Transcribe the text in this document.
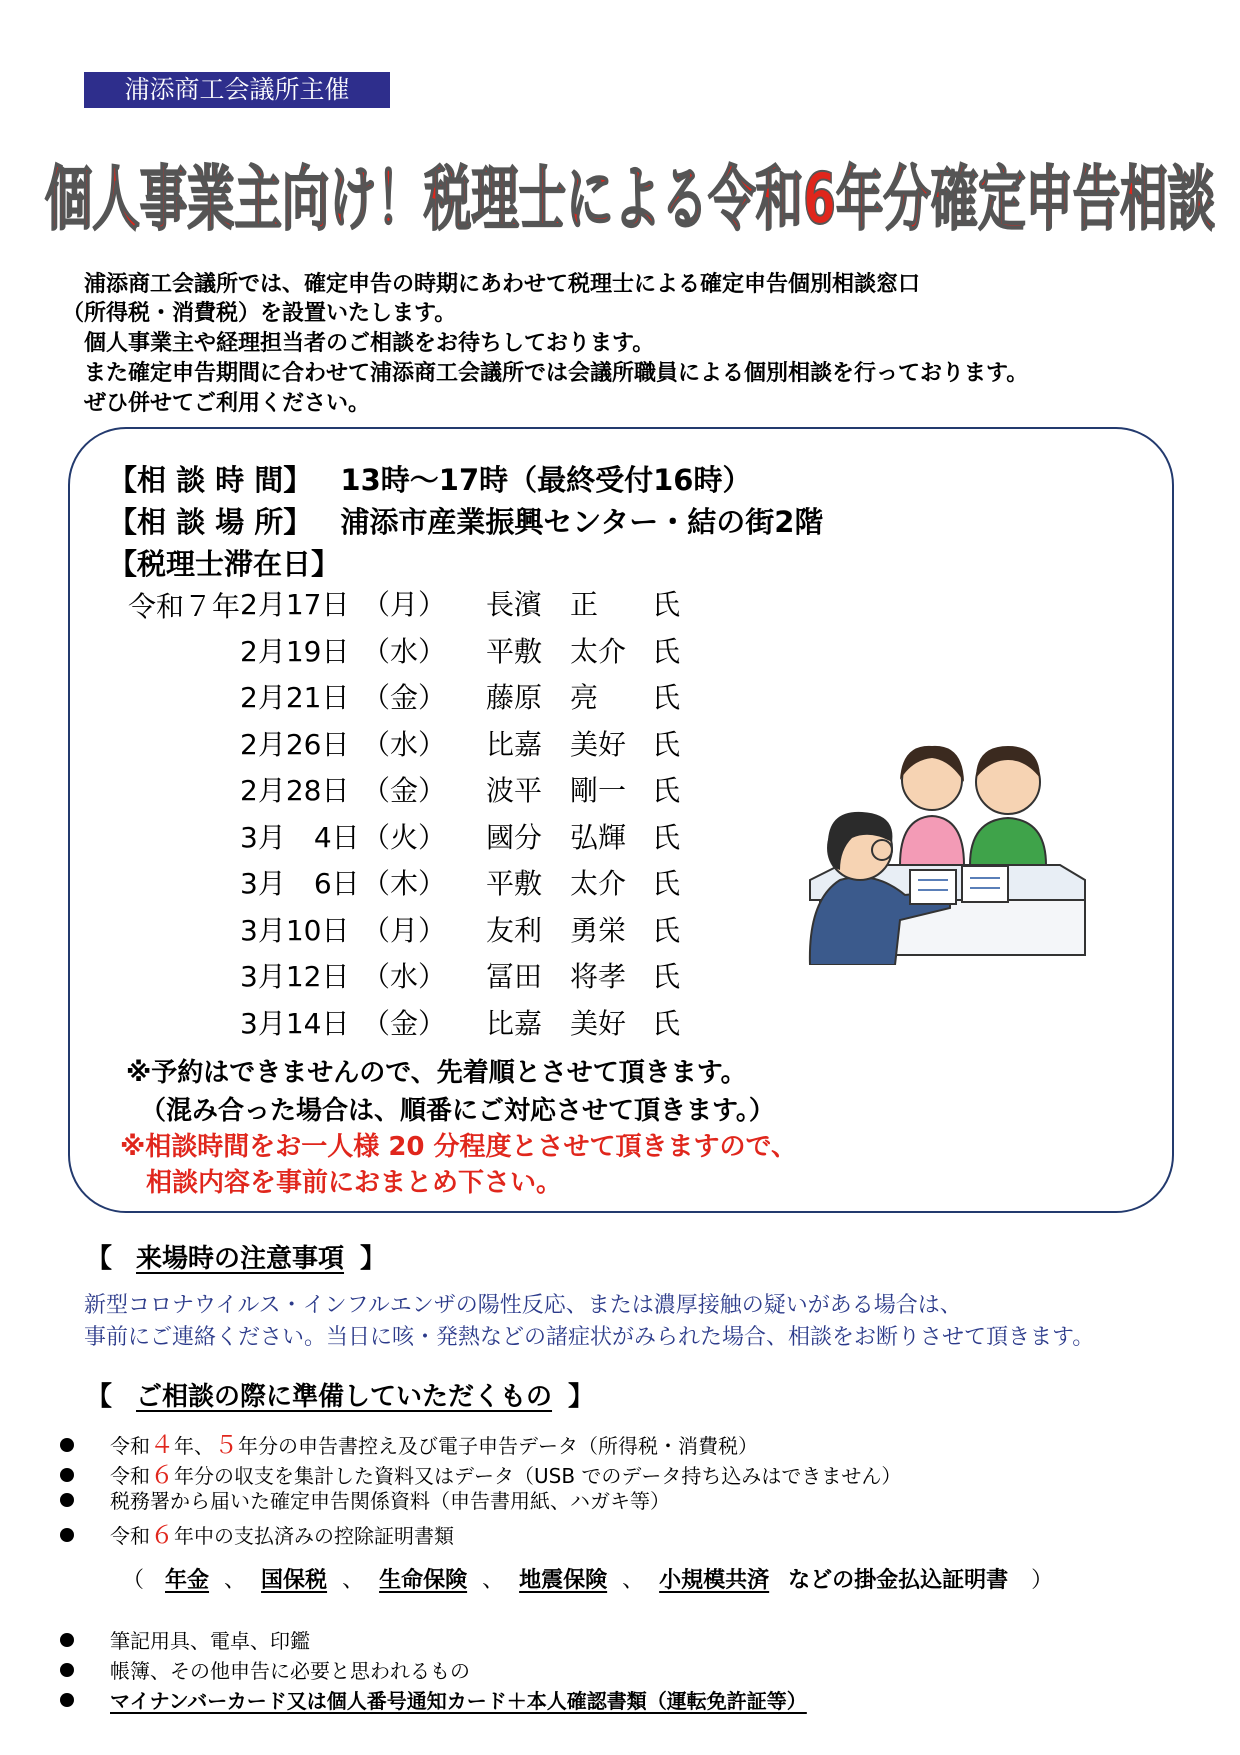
浦添商工会議所主催
個人事業主向け！税理士による令和6年分確定申告相談
浦添商工会議所では、確定申告の時期にあわせて税理士による確定申告個別相談窓口
（所得税・消費税）を設置いたします。
個人事業主や経理担当者のご相談をお待ちしております。
また確定申告期間に合わせて浦添商工会議所では会議所職員による個別相談を行っております。
ぜひ併せてご利用ください。
【相 談 時 間】 13時～17時（最終受付16時）
【相 談 場 所】 浦添市産業振興センター・結の街2階
【税理士滞在日】
令和７年 2月17日 （月） 長濱 正 氏
2月19日 （水） 平敷 太介 氏
2月21日 （金） 藤原 亮 氏
2月26日 （水） 比嘉 美好 氏
2月28日 （金） 波平 剛一 氏
3月　4日 （火） 國分 弘輝 氏
3月　6日 （木） 平敷 太介 氏
3月10日 （月） 友利 勇栄 氏
3月12日 （水） 冨田 将孝 氏
3月14日 （金） 比嘉 美好 氏
※予約はできませんので、先着順とさせて頂きます。
（混み合った場合は、順番にご対応させて頂きます。）
※相談時間をお一人様 20 分程度とさせて頂きますので、
相談内容を事前におまとめ下さい。
【 来場時の注意事項 】
新型コロナウイルス・インフルエンザの陽性反応、または濃厚接触の疑いがある場合は、
事前にご連絡ください。当日に咳・発熱などの諸症状がみられた場合、相談をお断りさせて頂きます。
【 ご相談の際に準備していただくもの 】
令和４年、５年分の申告書控え及び電子申告データ（所得税・消費税）
令和６年分の収支を集計した資料又はデータ（USB でのデータ持ち込みはできません）
税務署から届いた確定申告関係資料（申告書用紙、ハガキ等）
令和６年中の支払済みの控除証明書類
（ 年金 、 国保税 、 生命保険 、 地震保険 、 小規模共済 などの掛金払込証明書 ）
筆記用具、電卓、印鑑
帳簿、その他申告に必要と思われるもの
マイナンバーカード又は個人番号通知カード＋本人確認書類（運転免許証等）
